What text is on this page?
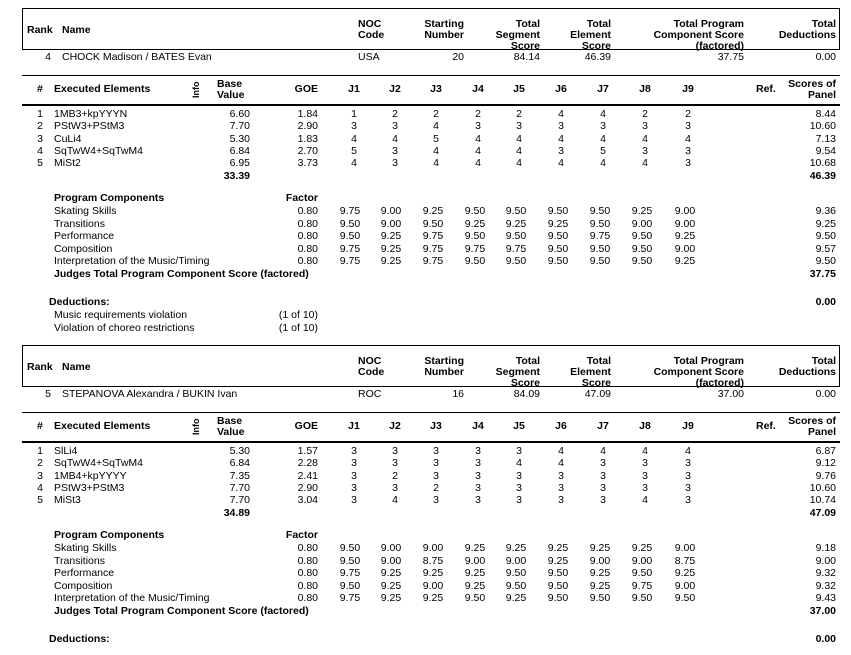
Rank Name	NOC
Code
Starting
Number
Total
Segment
Score
Total
Element
Score
Total Program
Component Score
(factored)
Total
Deductions
4 CHOCK Madison / BATES Evan	USA	20	84.14	46.39	37.75	0.00
# Executed Elements	Info Base
Value	GOE	J1	J2	J3	J4	J5	J6	J7	J8	J9	Ref. Scores of
Panel
1 1MB3+kpYYYN	6.60	1.84	1	2	2	2	2	4	4	2	2	8.44
2 PStW3+PStM3	7.70	2.90	3	3	4	3	3	3	3	3	3	10.60
3 CuLi4	5.30	1.83	4	4	5	4	4	4	4	4	4	7.13
4 SqTwW4+SqTwM4	6.84	2.70	5	3	4	4	4	3	5	3	3	9.54
5 MiSt2	6.95	3.73	4	3	4	4	4	4	4	4	3	10.68
33.39	46.39
Program Components	Factor
Skating Skills	0.80	9.75	9.00	9.25	9.50	9.50	9.50	9.50	9.25	9.00	9.36
Transitions	0.80	9.50	9.00	9.50	9.25	9.25	9.25	9.50	9.00	9.00	9.25
Performance	0.80	9.50	9.25	9.75	9.50	9.50	9.50	9.75	9.50	9.25	9.50
Composition	0.80	9.75	9.25	9.75	9.75	9.75	9.50	9.50	9.50	9.00	9.57
Interpretation of the Music/Timing	0.80	9.75	9.25	9.75	9.50	9.50	9.50	9.50	9.50	9.25	9.50
Judges Total Program Component Score (factored)	37.75
Deductions:	0.00
Music requirements violation	(1 of 10)
Violation of choreo restrictions	(1 of 10)
Rank Name	NOC
Code
Starting
Number
Total
Segment
Score
Total
Element
Score
Total Program
Component Score
(factored)
Total
Deductions
5 STEPANOVA Alexandra / BUKIN Ivan	ROC	16	84.09	47.09	37.00	0.00
# Executed Elements	Info Base
Value	GOE	J1	J2	J3	J4	J5	J6	J7	J8	J9	Ref. Scores of
Panel
1 SlLi4	5.30	1.57	3	3	3	3	3	4	4	4	4	6.87
2 SqTwW4+SqTwM4	6.84	2.28	3	3	3	3	4	4	3	3	3	9.12
3 1MB4+kpYYYY	7.35	2.41	3	2	3	3	3	3	3	3	3	9.76
4 PStW3+PStM3	7.70	2.90	3	3	2	3	3	3	3	3	3	10.60
5 MiSt3	7.70	3.04	3	4	3	3	3	3	3	4	3	10.74
34.89	47.09
Program Components	Factor
Skating Skills	0.80	9.50	9.00	9.00	9.25	9.25	9.25	9.25	9.25	9.00	9.18
Transitions	0.80	9.50	9.00	8.75	9.00	9.00	9.25	9.00	9.00	8.75	9.00
Performance	0.80	9.75	9.25	9.25	9.25	9.50	9.50	9.25	9.50	9.25	9.32
Composition	0.80	9.50	9.25	9.00	9.25	9.50	9.50	9.25	9.75	9.00	9.32
Interpretation of the Music/Timing	0.80	9.75	9.25	9.25	9.50	9.25	9.50	9.50	9.50	9.50	9.43
Judges Total Program Component Score (factored)	37.00
Deductions:	0.00
